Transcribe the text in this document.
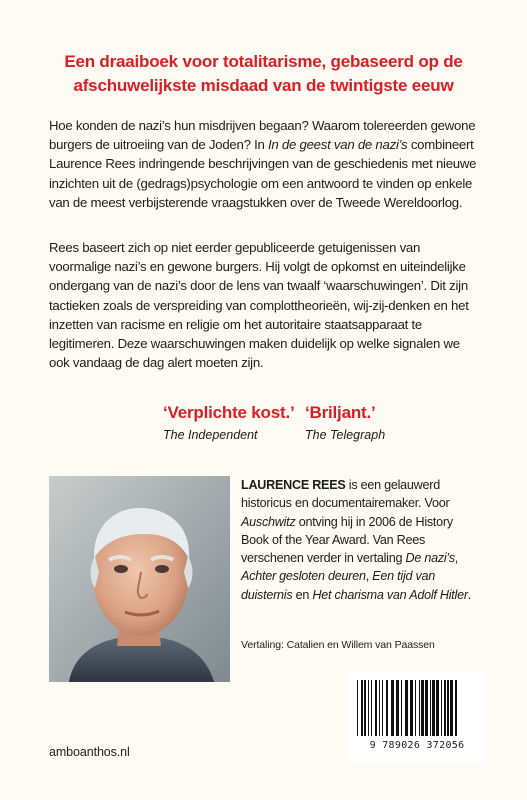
Een draaiboek voor totalitarisme, gebaseerd op de
afschuwelijkste misdaad van de twintigste eeuw

Hoe konden de nazi’s hun misdrijven begaan? Waarom tolereerden gewone burgers de uitroeiing van de Joden? In In de geest van de nazi’s combineert Laurence Rees indringende beschrijvingen van de geschiedenis met nieuwe inzichten uit de (gedrags)psychologie om een antwoord te vinden op enkele van de meest verbijsterende vraagstukken over de Tweede Wereldoorlog.

Rees baseert zich op niet eerder gepubliceerde getuigenissen van voormalige nazi’s en gewone burgers. Hij volgt de opkomst en uiteindelijke ondergang van de nazi’s door de lens van twaalf ‘waarschuwingen’. Dit zijn tactieken zoals de verspreiding van complottheorieën, wij-zij-denken en het inzetten van racisme en religie om het autoritaire staatsapparaat te legitimeren. Deze waarschuwingen maken duidelijk op welke signalen we ook vandaag de dag alert moeten zijn.

‘Verplichte kost.’
The Independent
‘Briljant.’
The Telegraph

LAURENCE REES is een gelauwerd historicus en documentairemaker. Voor Auschwitz ontving hij in 2006 de History Book of the Year Award. Van Rees verschenen verder in vertaling De nazi’s, Achter gesloten deuren, Een tijd van duisternis en Het charisma van Adolf Hitler.

Vertaling: Catalien en Willem van Paassen
9 789026 372056
amboanthos.nl
